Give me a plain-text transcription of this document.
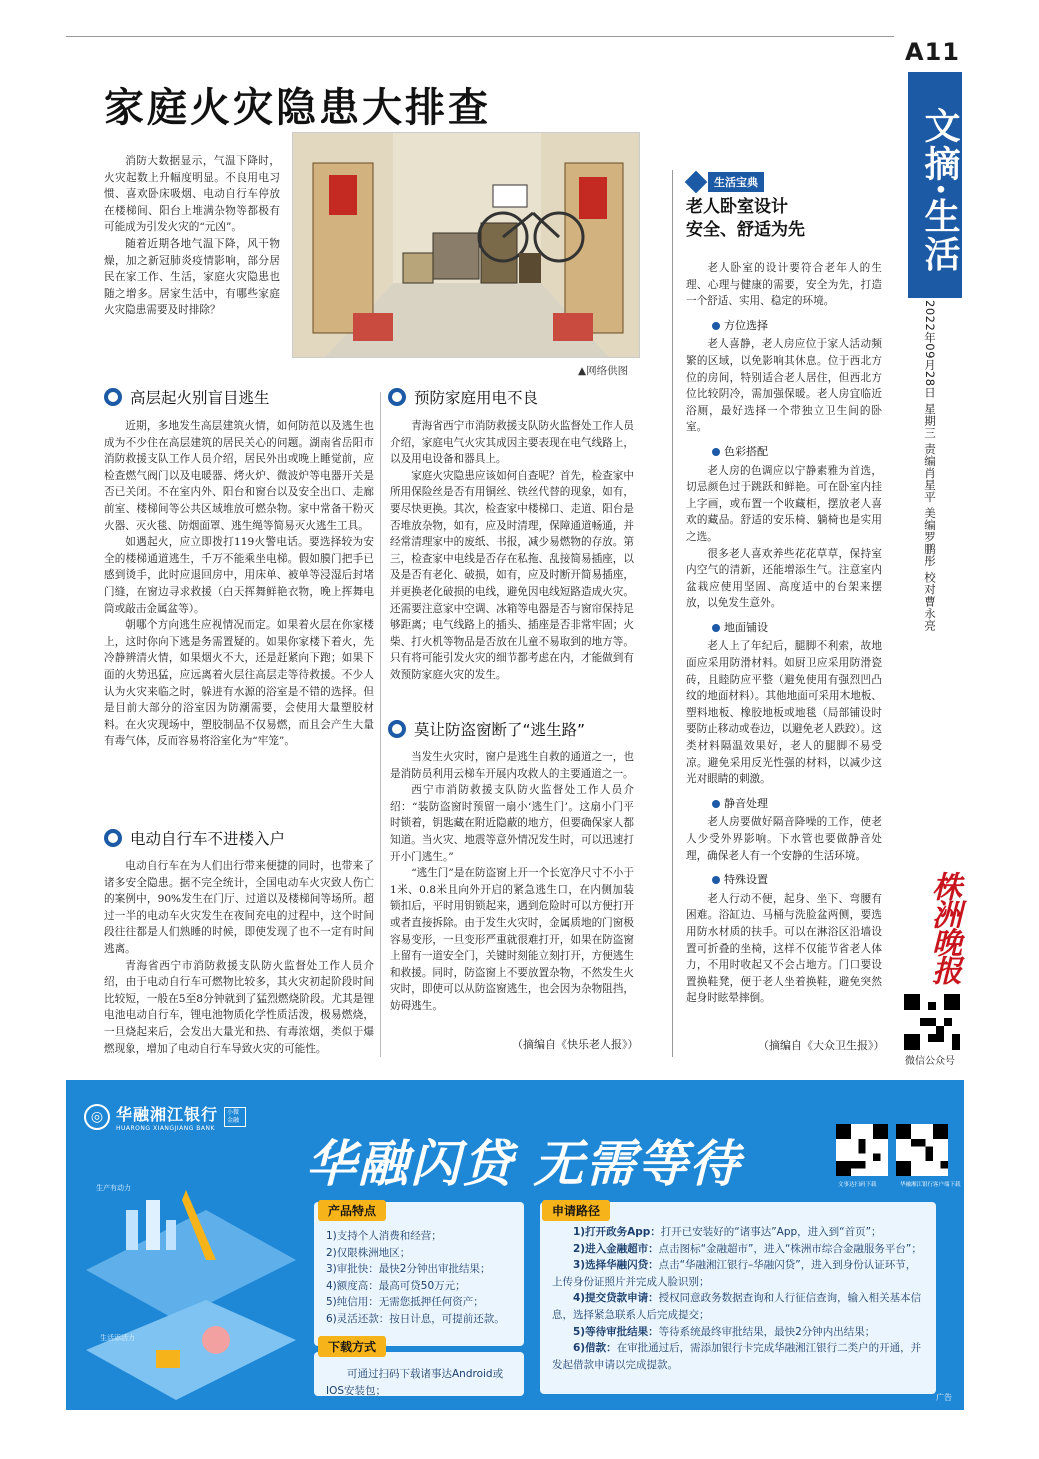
A11
文摘·生活
2022年09月28日 星期三 责编肖星平 美编罗鹏彤 校对曹永亮
家庭火灾隐患大排查

消防大数据显示，气温下降时，火灾起数上升幅度明显。不良用电习惯、喜欢卧床吸烟、电动自行车停放在楼梯间、阳台上堆满杂物等都极有可能成为引发火灾的“元凶”。

随着近期各地气温下降，风干物燥，加之新冠肺炎疫情影响，部分居民在家工作、生活，家庭火灾隐患也随之增多。居家生活中，有哪些家庭火灾隐患需要及时排除？

▲网络供图
高层起火别盲目逃生

近期，多地发生高层建筑火情，如何防范以及逃生也成为不少住在高层建筑的居民关心的问题。湖南省岳阳市消防救援支队工作人员介绍，居民外出或晚上睡觉前，应检查燃气阀门以及电暖器、烤火炉、微波炉等电器开关是否已关闭。不在室内外、阳台和窗台以及安全出口、走廊前室、楼梯间等公共区域堆放可燃杂物。家中常备干粉灭火器、灭火毯、防烟面罩、逃生绳等简易灭火逃生工具。

如遇起火，应立即拨打119火警电话。要选择较为安全的楼梯通道逃生，千万不能乘坐电梯。假如膜门把手已感到烫手，此时应退回房中，用床单、被单等浸湿后封堵门缝，在窗边寻求救援（白天挥舞鲜艳衣物，晚上挥舞电筒或敲击金属盆等）。

朝哪个方向逃生应视情况而定。如果着火层在你家楼上，这时你向下逃是务需置疑的。如果你家楼下着火，先冷静辨清火情，如果烟火不大，还是赶紧向下跑；如果下面的火势迅猛，应远离着火层往高层走等待救援。不少人认为火灾来临之时，躲进有水源的浴室是不错的选择。但是目前大部分的浴室因为防潮需要，会使用大量塑胶材料。在火灾现场中，塑胶制品不仅易燃，而且会产生大量有毒气体，反而容易将浴室化为“牢笼”。

电动自行车不进楼入户

电动自行车在为人们出行带来便捷的同时，也带来了诸多安全隐患。据不完全统计，全国电动车火灾致人伤亡的案例中，90%发生在门厅、过道以及楼梯间等场所。超过一半的电动车火灾发生在夜间充电的过程中，这个时间段往往都是人们熟睡的时候，即使发现了也不一定有时间逃离。

青海省西宁市消防救援支队防火监督处工作人员介绍，由于电动自行车可燃物比较多，其火灾初起阶段时间比较短，一般在5至8分钟就到了猛烈燃烧阶段。尤其是锂电池电动自行车，锂电池物质化学性质活泼，极易燃烧，一旦烧起来后，会发出大量光和热、有毒浓烟，类似于爆燃现象，增加了电动自行车导致火灾的可能性。

预防家庭用电不良

青海省西宁市消防救援支队防火监督处工作人员介绍，家庭电气火灾其成因主要表现在电气线路上，以及用电设备和器具上。

家庭火灾隐患应该如何自查呢？首先，检查家中所用保险丝是否有用铜丝、铁丝代替的现象，如有，要尽快更换。其次，检查家中楼梯口、走道、阳台是否堆放杂物，如有，应及时清理，保障通道畅通，并经常清理家中的废纸、书报，减少易燃物的存放。第三，检查家中电线是否存在私拖、乱接简易插座，以及是否有老化、破损，如有，应及时断开简易插座，并更换老化破损的电线，避免因电线短路造成火灾。还需要注意家中空调、冰箱等电器是否与窗帘保持足够距离；电气线路上的插头、插座是否非常牢固；火柴、打火机等物品是否放在儿童不易取到的地方等。只有将可能引发火灾的细节都考虑在内，才能做到有效预防家庭火灾的发生。

莫让防盗窗断了“逃生路”

当发生火灾时，窗户是逃生自救的通道之一，也是消防员利用云梯车开展内攻救人的主要通道之一。

西宁市消防救援支队防火监督处工作人员介绍：“装防盗窗时预留一扇小‘逃生门’。这扇小门平时锁着，钥匙藏在附近隐蔽的地方，但要确保家人都知道。当火灾、地震等意外情况发生时，可以迅速打开小门逃生。”

“逃生门”是在防盗窗上开一个长宽净尺寸不小于1米、0.8米且向外开启的紧急逃生口，在内侧加装锁扣后，平时用钥锁起来，遇到危险时可以方便打开或者直接拆除。由于发生火灾时，金属质地的门窗极容易变形，一旦变形严重就很难打开，如果在防盗窗上留有一道安全门，关键时刻能立刻打开，方便逃生和救援。同时，防盗窗上不要放置杂物，不然发生火灾时，即使可以从防盗窗逃生，也会因为杂物阻挡，妨碍逃生。

（摘编自《快乐老人报》）
生活宝典
老人卧室设计
安全、舒适为先

老人卧室的设计要符合老年人的生理、心理与健康的需要，安全为先，打造一个舒适、实用、稳定的环境。

方位选择

老人喜静，老人房应位于家人活动频繁的区域，以免影响其休息。位于西北方位的房间，特别适合老人居住，但西北方位比较阴冷，需加强保暖。老人房宜临近浴厕，最好选择一个带独立卫生间的卧室。

色彩搭配

老人房的色调应以宁静素雅为首选，切忌颜色过于跳跃和鲜艳。可在卧室内挂上字画，或布置一个收藏柜，摆放老人喜欢的藏品。舒适的安乐椅、躺椅也是实用之选。

很多老人喜欢养些花花草草，保持室内空气的清新，还能增添生气。注意室内盆栽应使用坚固、高度适中的台架来摆放，以免发生意外。

地面铺设

老人上了年纪后，腿脚不利索，故地面应采用防滑材料。如厨卫应采用防滑瓷砖，且睦防应平整（避免使用有强烈凹凸纹的地面材料）。其他地面可采用木地板、塑料地板、橡胶地板或地毯（局部铺设时要防止移动或卷边，以避免老人跌跤）。这类材料隔温效果好，老人的腿脚不易受凉。避免采用反光性强的材料，以减少这光对眼睛的刺激。

静音处理

老人房要做好隔音降噪的工作，使老人少受外界影响。下水管也要做静音处理，确保老人有一个安静的生活环境。

特殊设置

老人行动不便，起身、坐下、弯腰有困难。浴缸边、马桶与洗脸盆两侧，要选用防水材质的扶手。可以在淋浴区沿墙设置可折叠的坐椅，这样不仅能节省老人体力，不用时收起又不会占地方。门口要设置换鞋凳，便于老人坐着换鞋，避免突然起身时眩晕摔倒。

（摘编自《大众卫生报》）
株洲晚报
微信公众号
◎ 华融湘江银行
HUARONG XIANGJIANG BANK
小微金融
生产有动力
生活添活力
华融闪贷 无需等待	文事达扫码下载	华融湘江银行客户端下载
1)支持个人消费和经营；
2)仅限株洲地区；
3)审批快：最快2分钟出审批结果；
4)额度高：最高可贷50万元；
5)纯信用：无需您抵押任何资产；
6)灵活还款：按日计息，可提前还款。
产品特点
可通过扫码下载诸事达Android或IOS安装包；
下载方式

1)打开政务App：打开已安装好的“诸事达”App，进入到“首页”；

2)进入金融超市：点击图标“金融超市”，进入“株洲市综合金融服务平台”；

3)选择华融闪贷：点击“华融湘江银行–华融闪贷”，进入到身份认证环节，上传身份证照片并完成人脸识别；

4)提交贷款申请：授权同意政务数据查询和人行征信查询，输入相关基本信息，选择紧急联系人后完成提交；

5)等待审批结果：等待系统最终审批结果，最快2分钟内出结果；

6)借款：在审批通过后，需添加银行卡完成华融湘江银行二类户的开通，并发起借款申请以完成提款。

申请路径
广告
